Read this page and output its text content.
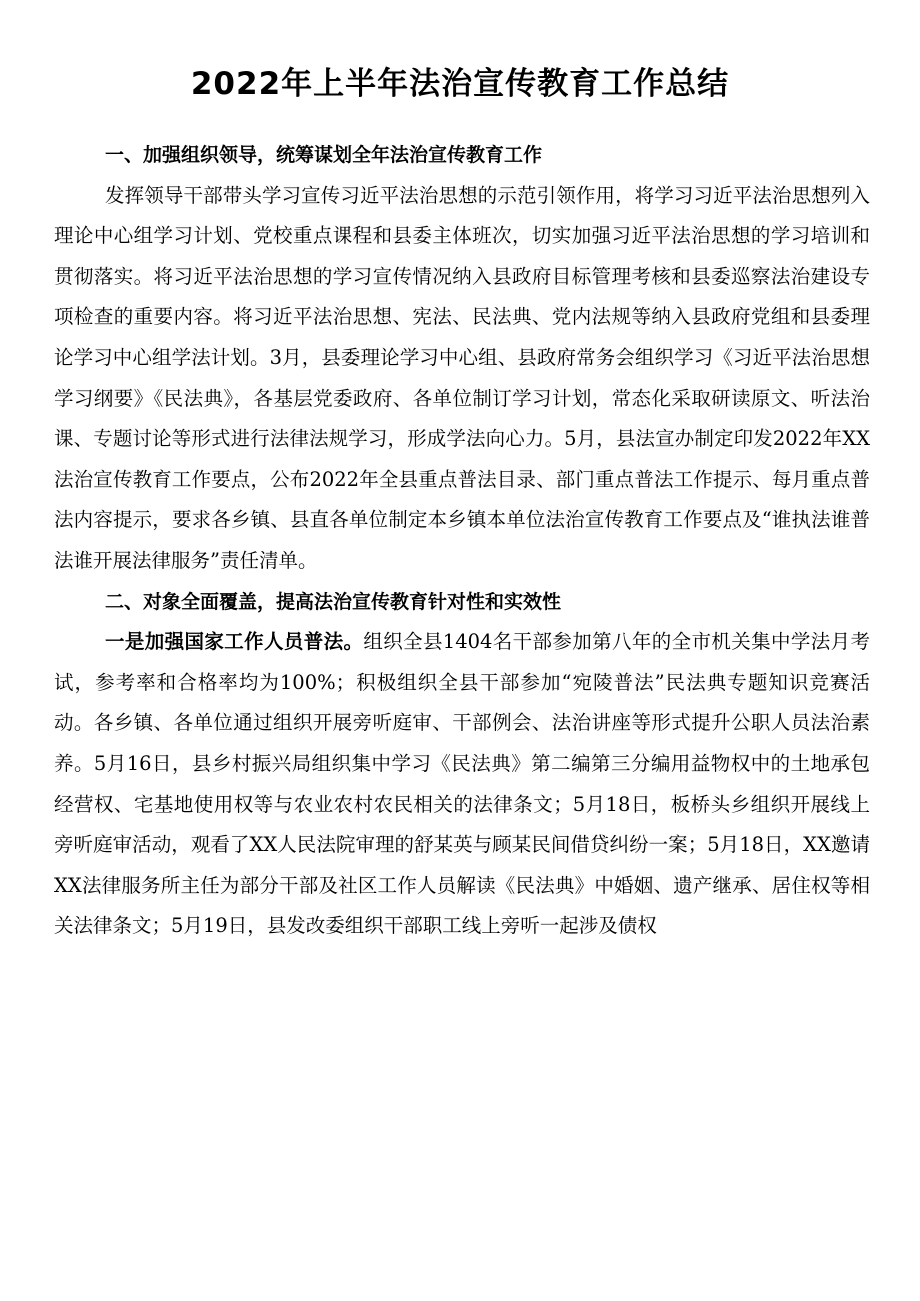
2022年上半年法治宣传教育工作总结

一、加强组织领导，统筹谋划全年法治宣传教育工作

发挥领导干部带头学习宣传习近平法治思想的示范引领作用，将学习习近平法治思想列入理论中心组学习计划、党校重点课程和县委主体班次，切实加强习近平法治思想的学习培训和贯彻落实。将习近平法治思想的学习宣传情况纳入县政府目标管理考核和县委巡察法治建设专项检查的重要内容。将习近平法治思想、宪法、民法典、党内法规等纳入县政府党组和县委理论学习中心组学法计划。3月，县委理论学习中心组、县政府常务会组织学习《习近平法治思想学习纲要》《民法典》，各基层党委政府、各单位制订学习计划，常态化采取研读原文、听法治课、专题讨论等形式进行法律法规学习，形成学法向心力。5月，县法宣办制定印发2022年XX法治宣传教育工作要点，公布2022年全县重点普法目录、部门重点普法工作提示、每月重点普法内容提示，要求各乡镇、县直各单位制定本乡镇本单位法治宣传教育工作要点及“谁执法谁普法谁开展法律服务”责任清单。

二、对象全面覆盖，提高法治宣传教育针对性和实效性

一是加强国家工作人员普法。组织全县1404名干部参加第八年的全市机关集中学法月考试，参考率和合格率均为100%；积极组织全县干部参加“宛陵普法”民法典专题知识竞赛活动。各乡镇、各单位通过组织开展旁听庭审、干部例会、法治讲座等形式提升公职人员法治素养。5月16日，县乡村振兴局组织集中学习《民法典》第二编第三分编用益物权中的土地承包经营权、宅基地使用权等与农业农村农民相关的法律条文；5月18日，板桥头乡组织开展线上旁听庭审活动，观看了XX人民法院审理的舒某英与顾某民间借贷纠纷一案；5月18日，XX邀请XX法律服务所主任为部分干部及社区工作人员解读《民法典》中婚姻、遗产继承、居住权等相关法律条文；5月19日，县发改委组织干部职工线上旁听一起涉及债权
